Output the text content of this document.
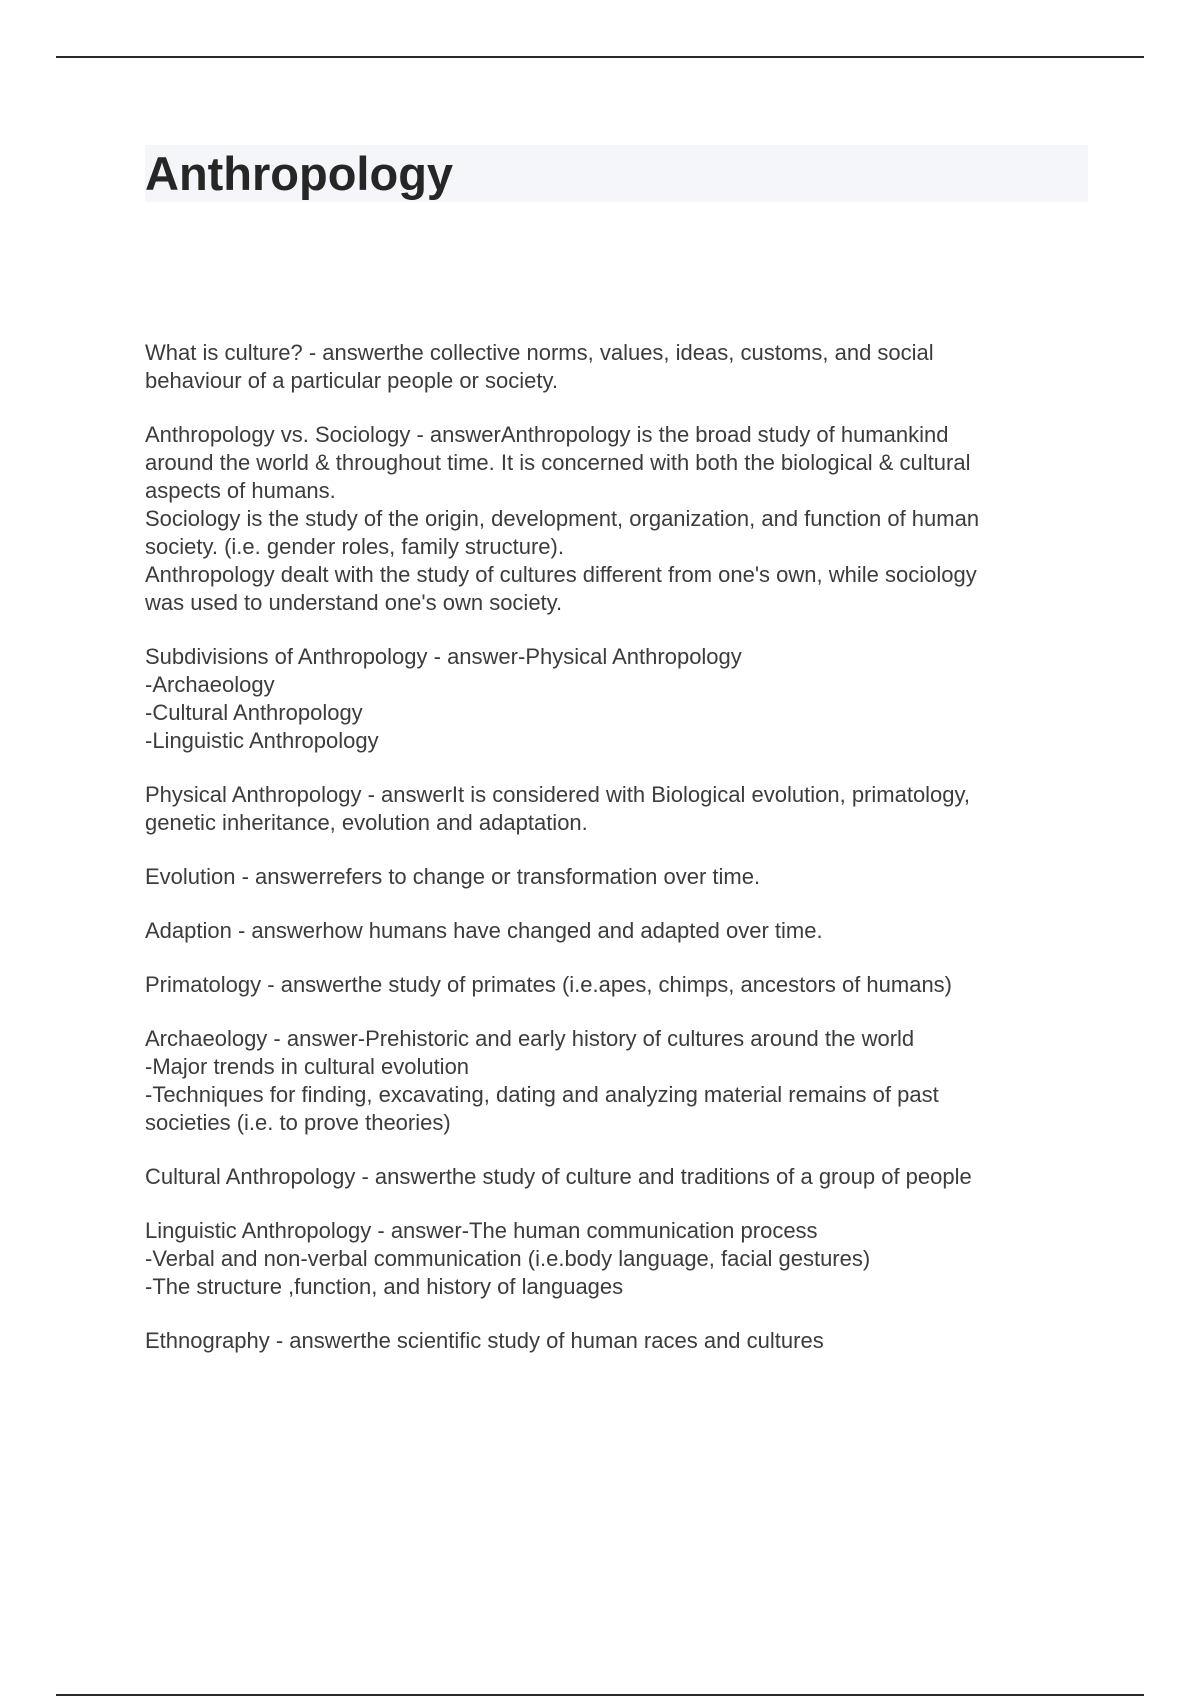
Anthropology
What is culture? - answerthe collective norms, values, ideas, customs, and social
behaviour of a particular people or society.
Anthropology vs. Sociology - answerAnthropology is the broad study of humankind
around the world & throughout time. It is concerned with both the biological & cultural
aspects of humans.
Sociology is the study of the origin, development, organization, and function of human
society. (i.e. gender roles, family structure).
Anthropology dealt with the study of cultures different from one's own, while sociology
was used to understand one's own society.
Subdivisions of Anthropology - answer-Physical Anthropology
-Archaeology
-Cultural Anthropology
-Linguistic Anthropology
Physical Anthropology - answerIt is considered with Biological evolution, primatology,
genetic inheritance, evolution and adaptation.
Evolution - answerrefers to change or transformation over time.
Adaption - answerhow humans have changed and adapted over time.
Primatology - answerthe study of primates (i.e.apes, chimps, ancestors of humans)
Archaeology - answer-Prehistoric and early history of cultures around the world
-Major trends in cultural evolution
-Techniques for finding, excavating, dating and analyzing material remains of past
societies (i.e. to prove theories)
Cultural Anthropology - answerthe study of culture and traditions of a group of people
Linguistic Anthropology - answer-The human communication process
-Verbal and non-verbal communication (i.e.body language, facial gestures)
-The structure ,function, and history of languages
Ethnography - answerthe scientific study of human races and cultures
